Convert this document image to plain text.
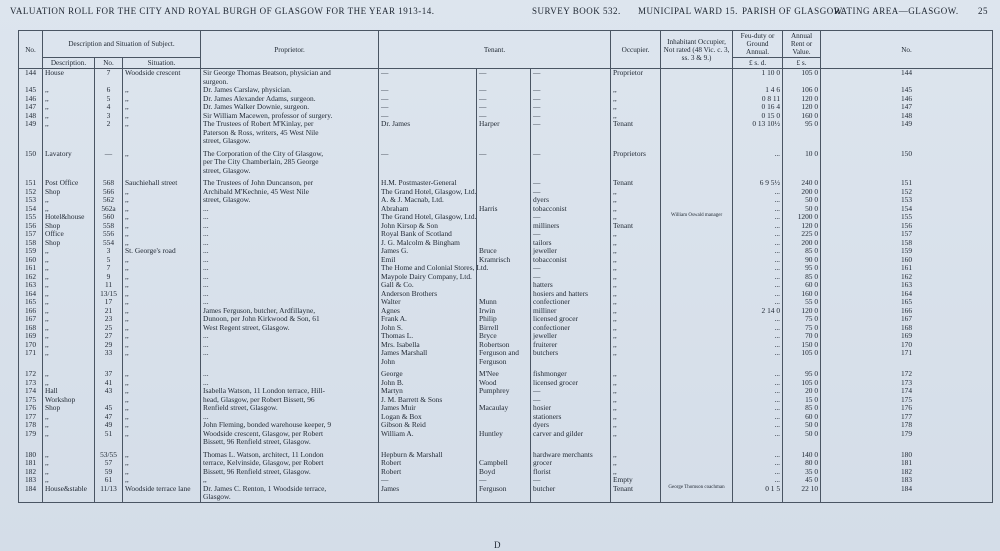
VALUATION ROLL FOR THE CITY AND ROYAL BURGH OF GLASGOW FOR THE YEAR 1913-14.	SURVEY BOOK 532. MUNICIPAL WARD 15. PARISH OF GLASGOW.
RATING AREA—GLASGOW. 25
No.	Description and Situation of Subject.			Proprietor.	Tenant.			Occupier.	Inhabitant Occupier, Not rated (48 Vic. c. 3, ss. 3 & 9.)	Feu-duty or Ground Annual.	Annual Rent or Value.	No.
	Description.	No.	Situation.							£ s. d.	£ s.	
144	House	7	Woodside crescent	Sir George Thomas Beatson, physician and	—	—	—	Proprietor		1 10 0	105 0	144
				surgeon.								
145	,,	6	,,	Dr. James Carslaw, physician.	—	—	—	,,		1 4 6	106 0	145
146	,,	5	,,	Dr. James Alexander Adams, surgeon.	—	—	—	,,		0 8 11	120 0	146
147	,,	4	,,	Dr. James Walker Downie, surgeon.	—	—	—	,,		0 16 4	120 0	147
148	,,	3	,,	Sir William Macewen, professor of surgery.	—	—	—	,,		0 15 0	160 0	148
149	,,	2	,,	The Trustees of Robert M'Kinlay, per	Dr. James	Harper	—	Tenant		0 13 10½	95 0	149
				Paterson & Ross, writers, 45 West Nile								
				street, Glasgow.								
150	Lavatory	—	,,	The Corporation of the City of Glasgow,	—	—	—	Proprietors		...	10 0	150
				per The City Chamberlain, 285 George								
				street, Glasgow.								
151	Post Office	568	Sauchiehall street	The Trustees of John Duncanson, per	H.M. Postmaster-General		—	Tenant		6 9 5½	240 0	151
152	Shop	566	,,	Archibald M'Kechnie, 45 West Nile	The Grand Hotel, Glasgow, Ltd.		—	,,		...	200 0	152
153	,,	562	,,	street, Glasgow.	A. & J. Macnab, Ltd.		dyers	,,		...	50 0	153
154	,,	562a	,,	...	Abraham	Harris	tobacconist	,,		...	50 0	154
155	Hotel&house	560	,,	...	The Grand Hotel, Glasgow, Ltd.		—	,,	William Oswald manager	...	1200 0	155
156	Shop	558	,,	...	John Kirsop & Son		milliners	Tenant		...	120 0	156
157	Office	556	,,	...	Royal Bank of Scotland		—	,,		...	225 0	157
158	Shop	554	,,	...	J. G. Malcolm & Bingham		tailors	,,		...	200 0	158
159	,,	3	St. George's road	...	James G.	Bruce	jeweller	,,		...	85 0	159
160	,,	5	,,	...	Emil	Kramrisch	tobacconist	,,		...	90 0	160
161	,,	7	,,	...	The Home and Colonial Stores, Ltd.		—	,,		...	95 0	161
162	,,	9	,,	...	Maypole Dairy Company, Ltd.		—	,,		...	85 0	162
163	,,	11	,,	...	Gall & Co.		hatters	,,		...	60 0	163
164	,,	13/15	,,	...	Anderson Brothers		hosiers and hatters	,,		...	160 0	164
165	,,	17	,,	...	Walter	Munn	confectioner	,,		...	55 0	165
166	,,	21	,,	James Ferguson, butcher, Ardfillayne,	Agnes	Irwin	milliner	,,		2 14 0	120 0	166
167	,,	23	,,	Dunoon, per John Kirkwood & Son, 61	Frank A.	Philip	licensed grocer	,,		...	75 0	167
168	,,	25	,,	West Regent street, Glasgow.	John S.	Birrell	confectioner	,,		...	75 0	168
169	,,	27	,,	...	Thomas L.	Bryce	jeweller	,,		...	70 0	169
170	,,	29	,,	...	Mrs. Isabella	Robertson	fruiterer	,,		...	150 0	170
171	,,	33	,,	...	James Marshall	Ferguson and	butchers	,,		...	105 0	171
					John	Ferguson						
172	,,	37	,,	...	George	M'Nee	fishmonger	,,		...	95 0	172
173	,,	41	,,	...	John B.	Wood	licensed grocer	,,		...	105 0	173
174	Hall	43	,,	Isabella Watson, 11 London terrace, Hill-	Martyn	Pumphrey	—	,,		...	20 0	174
175	Workshop		,,	head, Glasgow, per Robert Bissett, 96	J. M. Barrett & Sons		—	,,		...	15 0	175
176	Shop	45	,,	Renfield street, Glasgow.	James Muir	Macaulay	hosier	,,		...	85 0	176
177	,,	47	,,	...	Logan & Box		stationers	,,		...	60 0	177
178	,,	49	,,	John Fleming, bonded warehouse keeper, 9	Gibson & Reid		dyers	,,		...	50 0	178
179	,,	51	,,	Woodside crescent, Glasgow, per Robert	William A.	Huntley	carver and gilder	,,		...	50 0	179
				Bissett, 96 Renfield street, Glasgow.								
180	,,	53/55	,,	Thomas L. Watson, architect, 11 London	Hepburn & Marshall		hardware merchants	,,		...	140 0	180
181	,,	57	,,	terrace, Kelvinside, Glasgow, per Robert	Robert	Campbell	grocer	,,		...	80 0	181
182	,,	59	,,	Bissett, 96 Renfield street, Glasgow.	Robert	Boyd	florist	,,		...	35 0	182
183	,,	61	,,	,,	—	—	—	Empty		...	45 0	183
184	House&stable	11/13	Woodside terrace lane	Dr. James C. Renton, 1 Woodside terrace,	James	Ferguson	butcher	Tenant	George Thomson coachman	0 1 5	22 10	184
				Glasgow.								
D
